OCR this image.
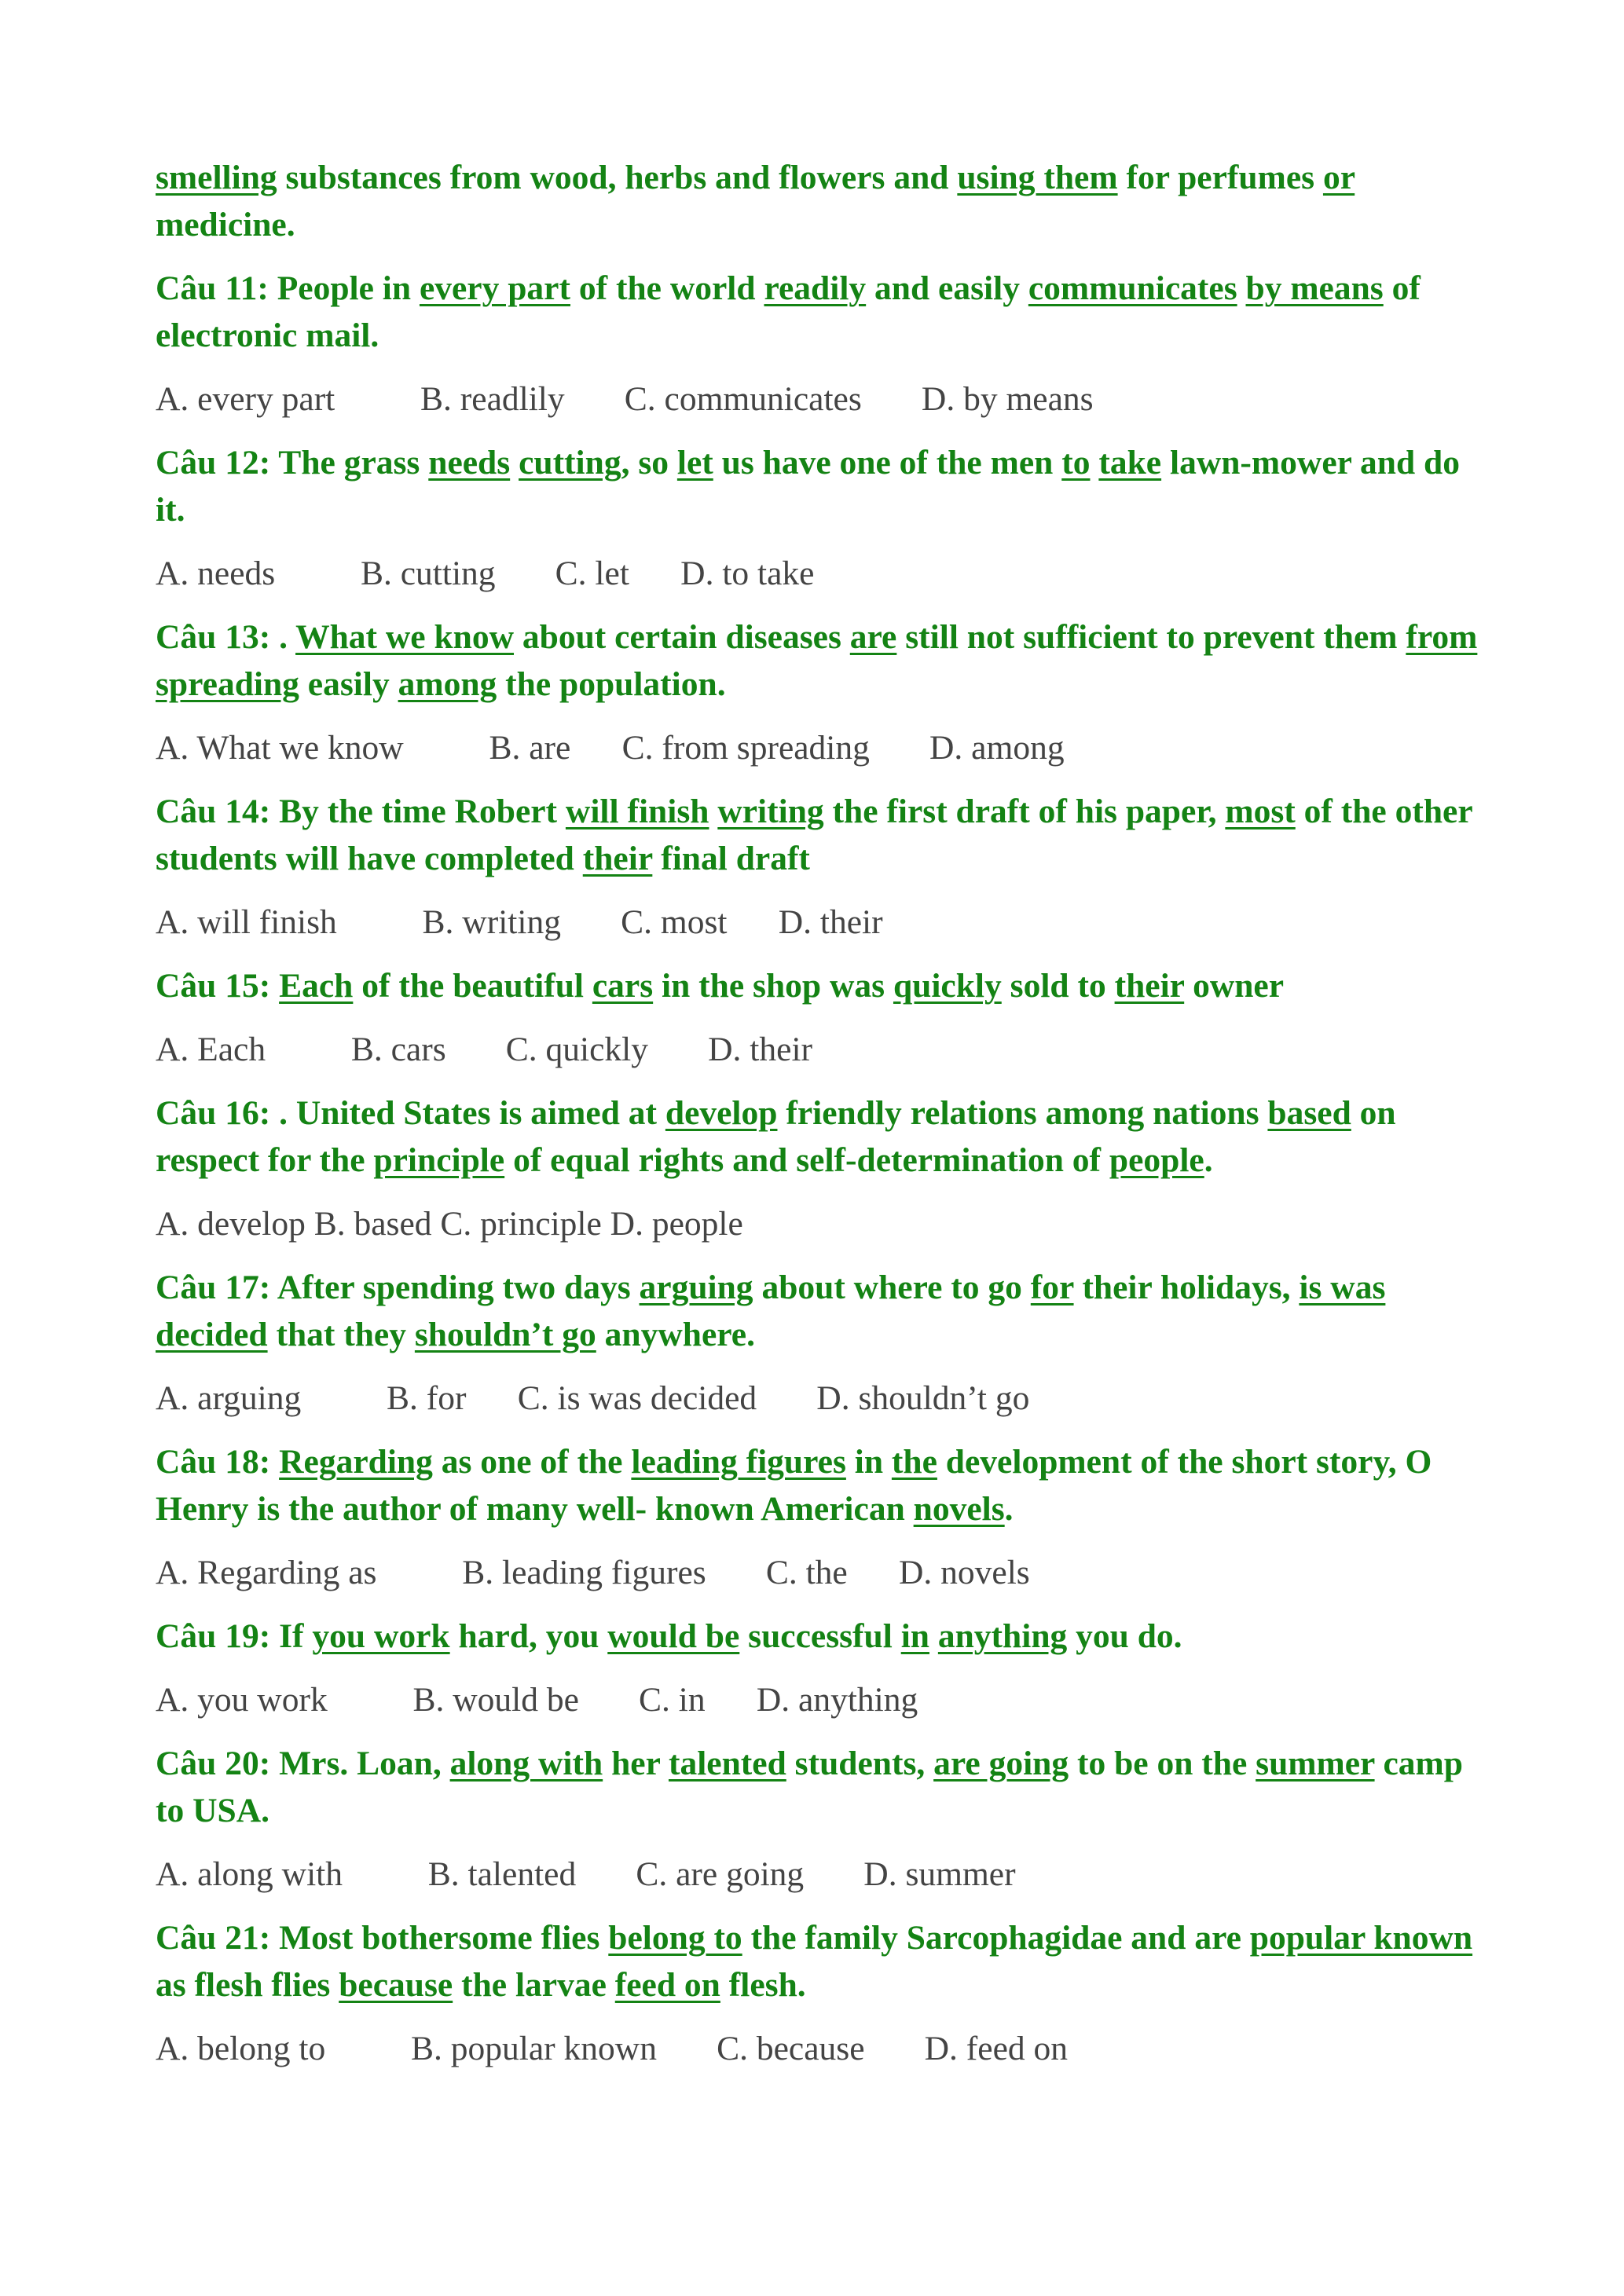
smelling substances from wood, herbs and flowers and using them for perfumes or medicine.

Câu 11: People in every part of the world readily and easily communicates by means of electronic mail.

A. every part          B. readlily       C. communicates       D. by means

Câu 12: The grass needs cutting, so let us have one of the men to take lawn-mower and do it.

A. needs          B. cutting       C. let      D. to take

Câu 13: . What we know about certain diseases are still not sufficient to prevent them from spreading easily among the population.

A. What we know          B. are      C. from spreading       D. among

Câu 14: By the time Robert will finish writing the first draft of his paper, most of the other students will have completed their final draft

A. will finish          B. writing       C. most      D. their

Câu 15: Each of the beautiful cars in the shop was quickly sold to their owner

A. Each          B. cars       C. quickly       D. their

Câu 16: . United States is aimed at develop friendly relations among nations based on respect for the principle of equal rights and self-determination of people.

A. develop B. based C. principle D. people

Câu 17: After spending two days arguing about where to go for their holidays, is was decided that they shouldn’t go anywhere.

A. arguing          B. for      C. is was decided       D. shouldn’t go

Câu 18: Regarding as one of the leading figures in the development of the short story, O Henry is the author of many well- known American novels.

A. Regarding as          B. leading figures       C. the      D. novels

Câu 19: If you work hard, you would be successful in anything you do.

A. you work          B. would be       C. in      D. anything

Câu 20: Mrs. Loan, along with her talented students, are going to be on the summer camp to USA.

A. along with          B. talented       C. are going       D. summer

Câu 21: Most bothersome flies belong to the family Sarcophagidae and are popular known as flesh flies because the larvae feed on flesh.

A. belong to          B. popular known       C. because       D. feed on
